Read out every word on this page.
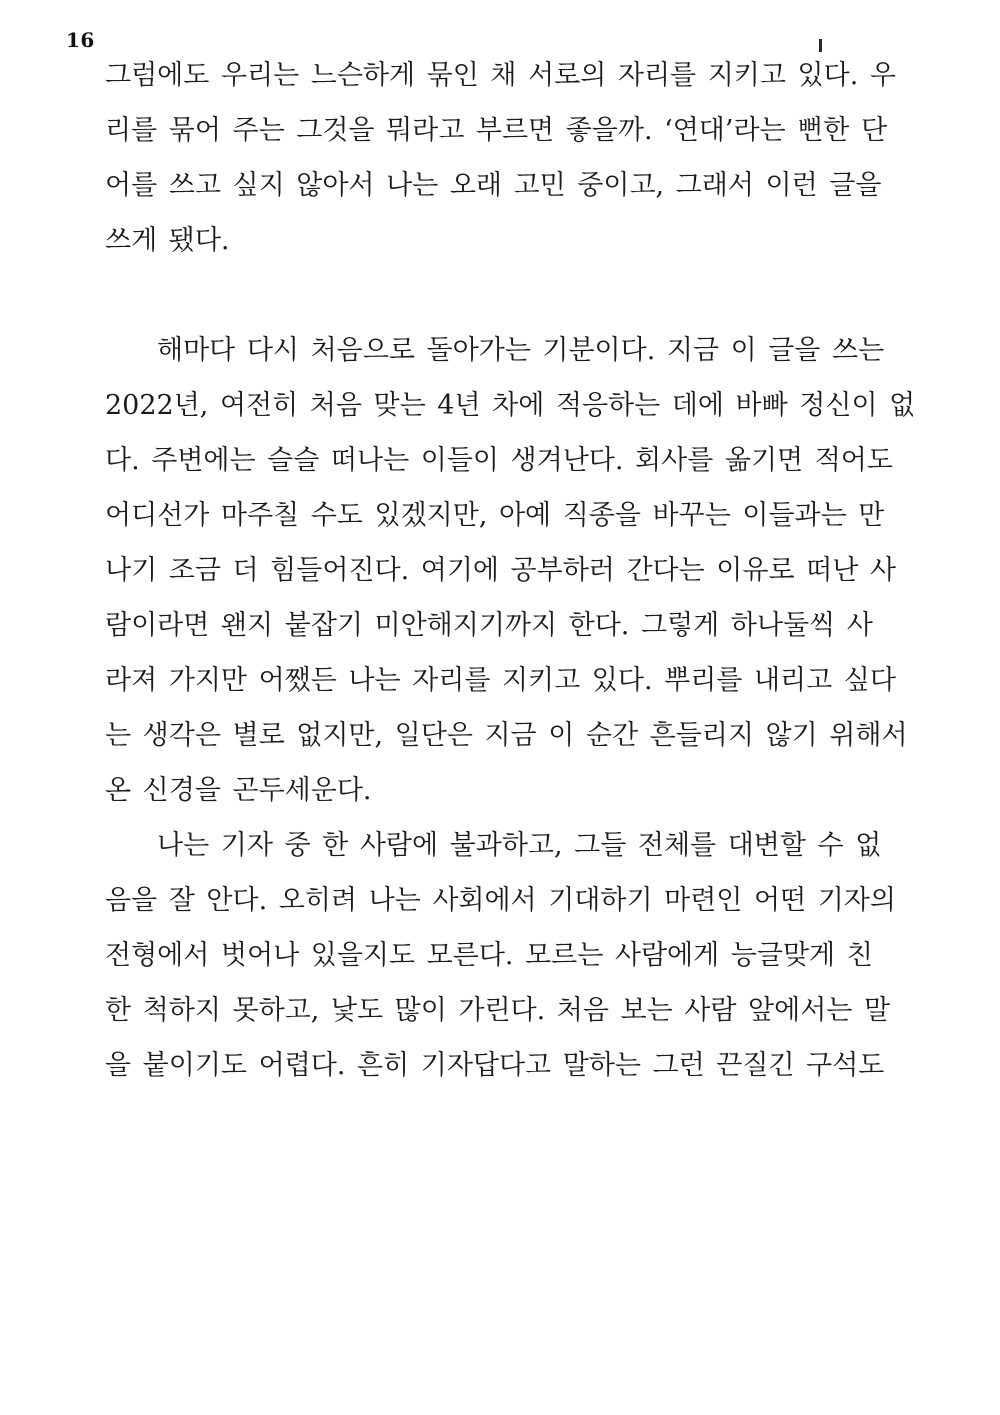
16
그럼에도 우리는 느슨하게 묶인 채 서로의 자리를 지키고 있다. 우
리를 묶어 주는 그것을 뭐라고 부르면 좋을까. ‘연대’라는 뻔한 단
어를 쓰고 싶지 않아서 나는 오래 고민 중이고, 그래서 이런 글을
쓰게 됐다.
해마다 다시 처음으로 돌아가는 기분이다. 지금 이 글을 쓰는
2022년, 여전히 처음 맞는 4년 차에 적응하는 데에 바빠 정신이 없
다. 주변에는 슬슬 떠나는 이들이 생겨난다. 회사를 옮기면 적어도
어디선가 마주칠 수도 있겠지만, 아예 직종을 바꾸는 이들과는 만
나기 조금 더 힘들어진다. 여기에 공부하러 간다는 이유로 떠난 사
람이라면 왠지 붙잡기 미안해지기까지 한다. 그렇게 하나둘씩 사
라져 가지만 어쨌든 나는 자리를 지키고 있다. 뿌리를 내리고 싶다
는 생각은 별로 없지만, 일단은 지금 이 순간 흔들리지 않기 위해서
온 신경을 곤두세운다.
나는 기자 중 한 사람에 불과하고, 그들 전체를 대변할 수 없
음을 잘 안다. 오히려 나는 사회에서 기대하기 마련인 어떤 기자의
전형에서 벗어나 있을지도 모른다. 모르는 사람에게 능글맞게 친
한 척하지 못하고, 낯도 많이 가린다. 처음 보는 사람 앞에서는 말
을 붙이기도 어렵다. 흔히 기자답다고 말하는 그런 끈질긴 구석도
